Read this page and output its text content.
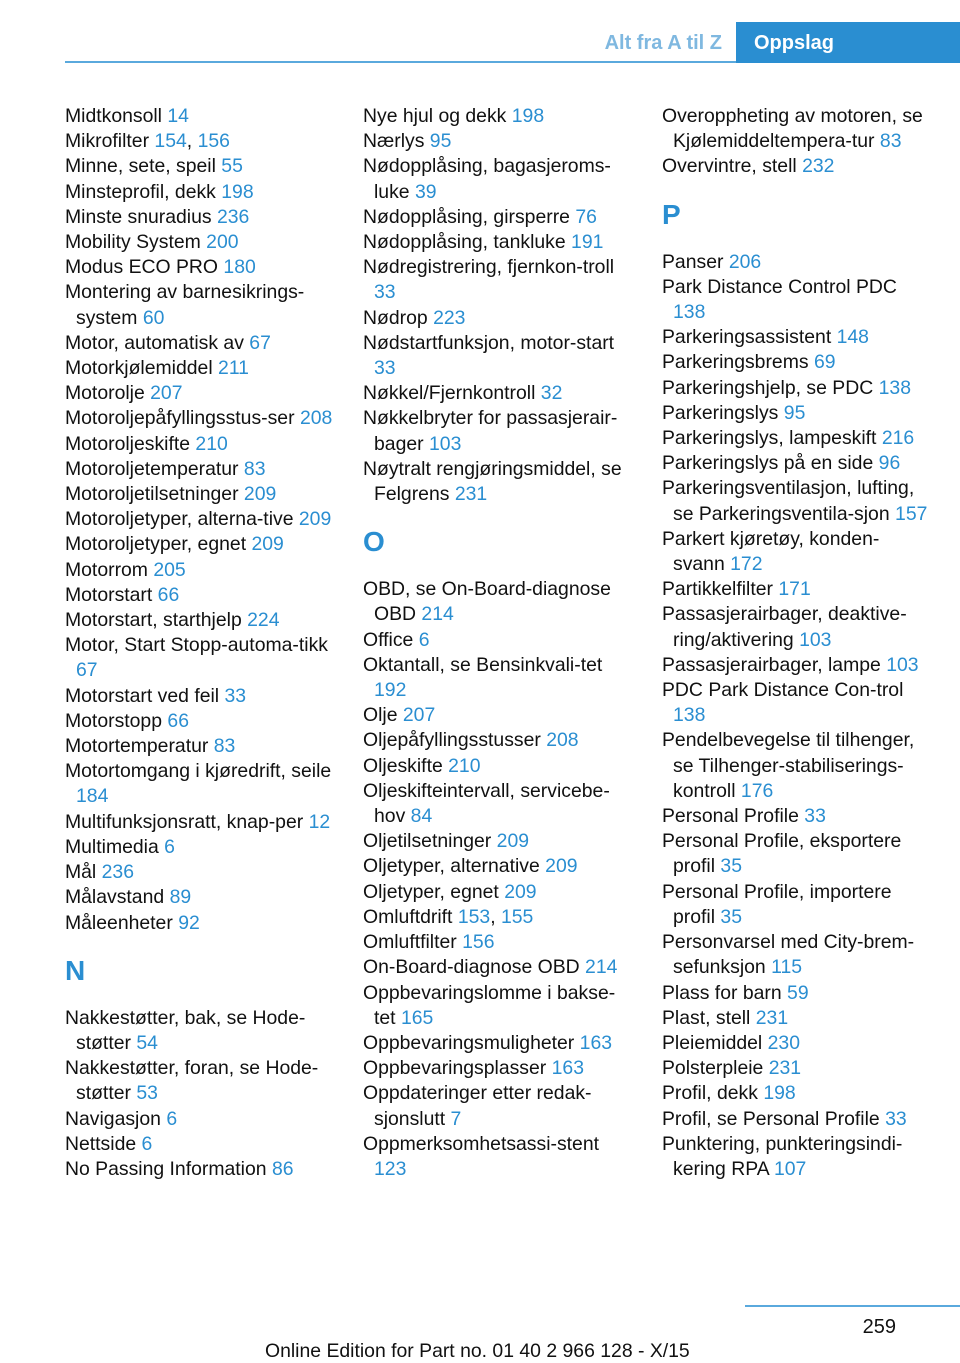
Alt fra A til Z	Oppslag
Midtkonsoll 14
Mikrofilter 154, 156
Minne, sete, speil 55
Minsteprofil, dekk 198
Minste snuradius 236
Mobility System 200
Modus ECO PRO 180
Montering av barnesikrings-​system 60
Motor, automatisk av 67
Motorkjølemiddel 211
Motorolje 207
Motoroljepåfyllingsstus-​ser 208
Motoroljeskifte 210
Motoroljetemperatur 83
Motoroljetilsetninger 209
Motoroljetyper, alterna-​tive 209
Motoroljetyper, egnet 209
Motorrom 205
Motorstart 66
Motorstart, starthjelp 224
Motor, Start Stopp-automa-​tikk 67
Motorstart ved feil 33
Motorstopp 66
Motortemperatur 83
Motortomgang i kjøredrift, seile 184
Multifunksjonsratt, knap-​per 12
Multimedia 6
Mål 236
Målavstand 89
Måleenheter 92
N
Nakkestøtter, bak, se Hode-​støtter 54
Nakkestøtter, foran, se Hode-​støtter 53
Navigasjon 6
Nettside 6
No Passing Information 86
Nye hjul og dekk 198
Nærlys 95
Nødopplåsing, bagasjeroms-​luke 39
Nødopplåsing, girsperre 76
Nødopplåsing, tankluke 191
Nødregistrering, fjernkon-​troll 33
Nødrop 223
Nødstartfunksjon, motor-​start 33
Nøkkel/Fjernkontroll 32
Nøkkelbryter for passasjerair-​bager 103
Nøytralt rengjøringsmiddel, se Felgrens 231
O
OBD, se On-Board-diagnose OBD 214
Office 6
Oktantall, se Bensinkvali-​tet 192
Olje 207
Oljepåfyllingsstusser 208
Oljeskifte 210
Oljeskifteintervall, servicebe-​hov 84
Oljetilsetninger 209
Oljetyper, alternative 209
Oljetyper, egnet 209
Omluftdrift 153, 155
Omluftfilter 156
On-Board-diagnose OBD 214
Oppbevaringslomme i bakse-​tet 165
Oppbevaringsmuligheter 163
Oppbevaringsplasser 163
Oppdateringer etter redak-​sjonslutt 7
Oppmerksomhetsassi-​stent 123
Overoppheting av motoren, se Kjølemiddeltempera-​tur 83
Overvintre, stell 232
P
Panser 206
Park Distance Control PDC 138
Parkeringsassistent 148
Parkeringsbrems 69
Parkeringshjelp, se PDC 138
Parkeringslys 95
Parkeringslys, lampeskift 216
Parkeringslys på en side 96
Parkeringsventilasjon, lufting, se Parkeringsventila-​sjon 157
Parkert kjøretøy, konden-​svann 172
Partikkelfilter 171
Passasjerairbager, deaktive-​ring/aktivering 103
Passasjerairbager, lampe 103
PDC Park Distance Con-​trol 138
Pendelbevegelse til tilhenger, se Tilhenger-stabiliserings-​kontroll 176
Personal Profile 33
Personal Profile, eksportere profil 35
Personal Profile, importere profil 35
Personvarsel med City-brem-​sefunksjon 115
Plass for barn 59
Plast, stell 231
Pleiemiddel 230
Polsterpleie 231
Profil, dekk 198
Profil, se Personal Profile 33
Punktering, punkteringsindi-​kering RPA 107
259
Online Edition for Part no. 01 40 2 966 128 - X/15
